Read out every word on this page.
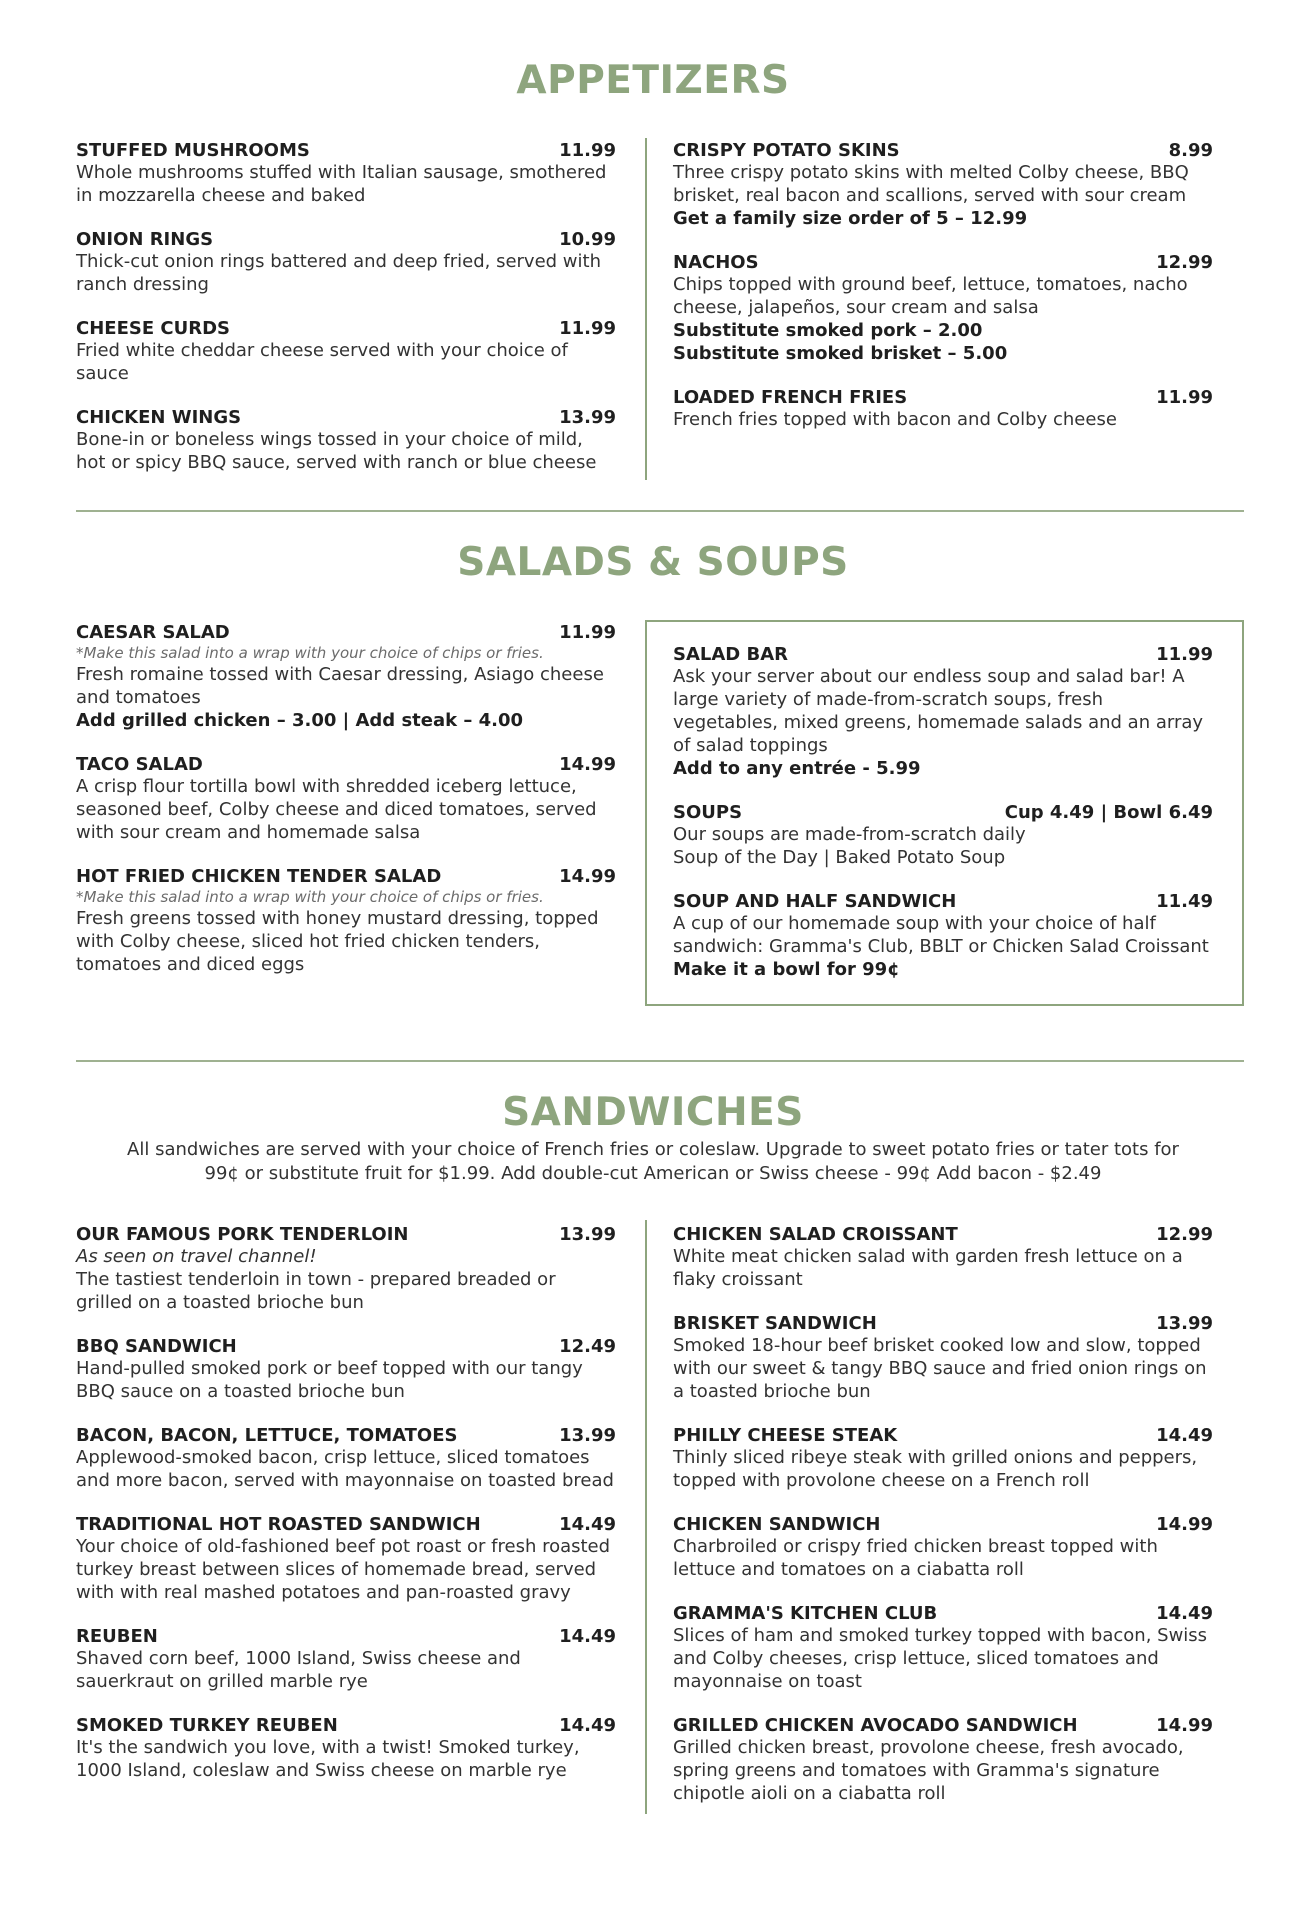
APPETIZERS
STUFFED MUSHROOMS	11.99
Whole mushrooms stuffed with Italian sausage, smothered in mozzarella cheese and baked
ONION RINGS	10.99
Thick-cut onion rings battered and deep fried, served with ranch dressing
CHEESE CURDS	11.99
Fried white cheddar cheese served with your choice of sauce
CHICKEN WINGS	13.99
Bone-in or boneless wings tossed in your choice of mild, hot or spicy BBQ sauce, served with ranch or blue cheese
CRISPY POTATO SKINS	8.99
Three crispy potato skins with melted Colby cheese, BBQ brisket, real bacon and scallions, served with sour cream
Get a family size order of 5 – 12.99
NACHOS	12.99
Chips topped with ground beef, lettuce, tomatoes, nacho cheese, jalapeños, sour cream and salsa
Substitute smoked pork – 2.00
Substitute smoked brisket – 5.00
LOADED FRENCH FRIES	11.99
French fries topped with bacon and Colby cheese
SALADS & SOUPS
CAESAR SALAD	11.99
*Make this salad into a wrap with your choice of chips or fries.
Fresh romaine tossed with Caesar dressing, Asiago cheese and tomatoes
Add grilled chicken – 3.00 | Add steak – 4.00
TACO SALAD	14.99
A crisp flour tortilla bowl with shredded iceberg lettuce, seasoned beef, Colby cheese and diced tomatoes, served with sour cream and homemade salsa
HOT FRIED CHICKEN TENDER SALAD	14.99
*Make this salad into a wrap with your choice of chips or fries.
Fresh greens tossed with honey mustard dressing, topped with Colby cheese, sliced hot fried chicken tenders, tomatoes and diced eggs
SALAD BAR	11.99
Ask your server about our endless soup and salad bar! A large variety of made-from-scratch soups, fresh vegetables, mixed greens, homemade salads and an array of salad toppings
Add to any entrée - 5.99
SOUPS	Cup 4.49 | Bowl 6.49
Our soups are made-from-scratch daily
Soup of the Day | Baked Potato Soup
SOUP AND HALF SANDWICH	11.49
A cup of our homemade soup with your choice of half sandwich: Gramma's Club, BBLT or Chicken Salad Croissant
Make it a bowl for 99¢
SANDWICHES
All sandwiches are served with your choice of French fries or coleslaw. Upgrade to sweet potato fries or tater tots for 99¢ or substitute fruit for $1.99. Add double-cut American or Swiss cheese - 99¢ Add bacon - $2.49
OUR FAMOUS PORK TENDERLOIN	13.99
As seen on travel channel!
The tastiest tenderloin in town - prepared breaded or grilled on a toasted brioche bun
BBQ SANDWICH	12.49
Hand-pulled smoked pork or beef topped with our tangy BBQ sauce on a toasted brioche bun
BACON, BACON, LETTUCE, TOMATOES	13.99
Applewood-smoked bacon, crisp lettuce, sliced tomatoes and more bacon, served with mayonnaise on toasted bread
TRADITIONAL HOT ROASTED SANDWICH	14.49
Your choice of old-fashioned beef pot roast or fresh roasted turkey breast between slices of homemade bread, served with with real mashed potatoes and pan-roasted gravy
REUBEN	14.49
Shaved corn beef, 1000 Island, Swiss cheese and sauerkraut on grilled marble rye
SMOKED TURKEY REUBEN	14.49
It's the sandwich you love, with a twist! Smoked turkey, 1000 Island, coleslaw and Swiss cheese on marble rye
CHICKEN SALAD CROISSANT	12.99
White meat chicken salad with garden fresh lettuce on a flaky croissant
BRISKET SANDWICH	13.99
Smoked 18-hour beef brisket cooked low and slow, topped with our sweet & tangy BBQ sauce and fried onion rings on a toasted brioche bun
PHILLY CHEESE STEAK	14.49
Thinly sliced ribeye steak with grilled onions and peppers, topped with provolone cheese on a French roll
CHICKEN SANDWICH	14.99
Charbroiled or crispy fried chicken breast topped with lettuce and tomatoes on a ciabatta roll
GRAMMA'S KITCHEN CLUB	14.49
Slices of ham and smoked turkey topped with bacon, Swiss and Colby cheeses, crisp lettuce, sliced tomatoes and mayonnaise on toast
GRILLED CHICKEN AVOCADO SANDWICH	14.99
Grilled chicken breast, provolone cheese, fresh avocado, spring greens and tomatoes with Gramma's signature chipotle aioli on a ciabatta roll
